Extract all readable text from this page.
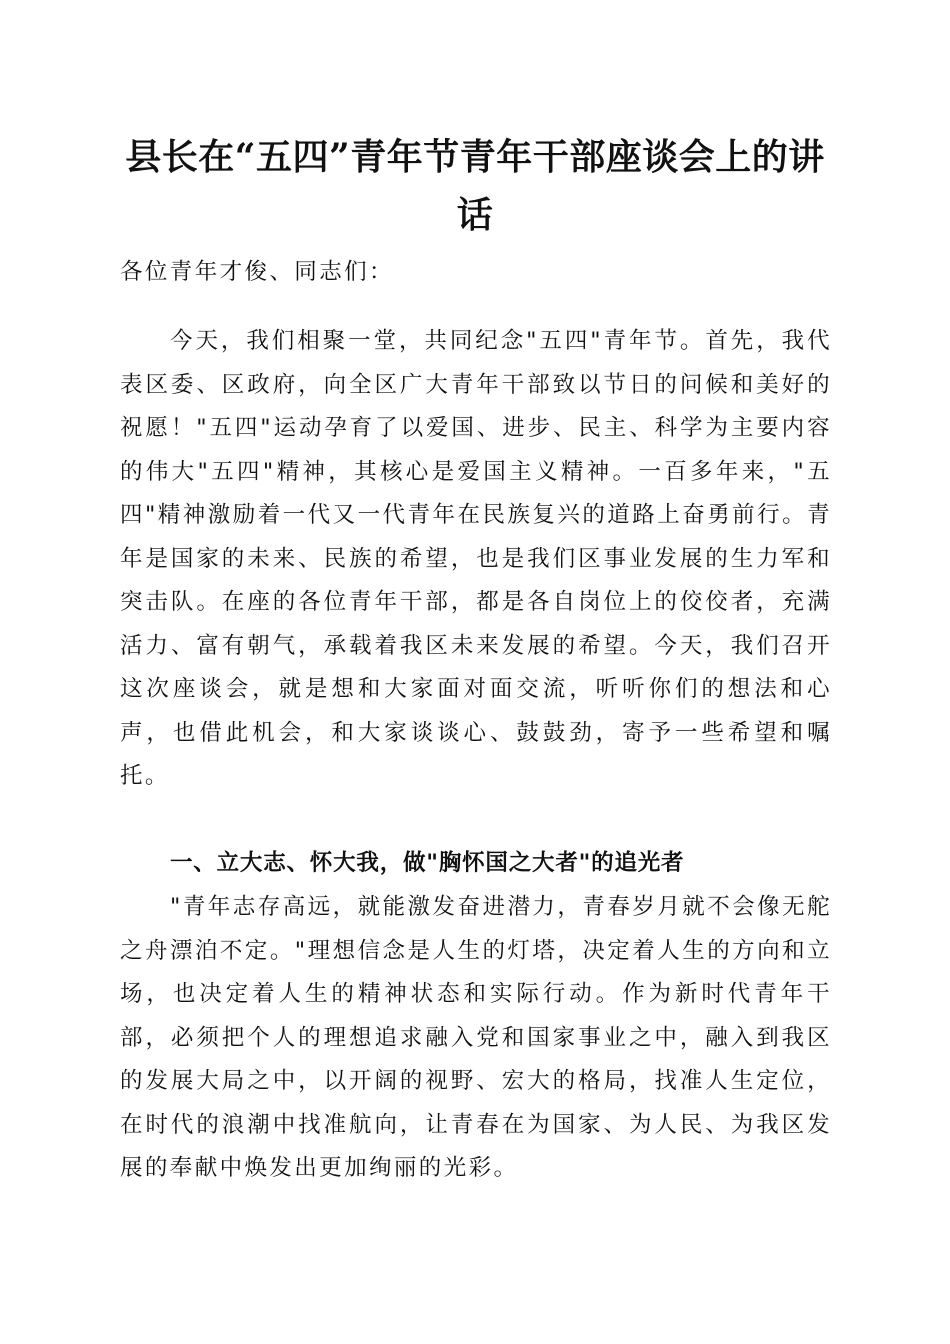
县长在“五四”青年节青年干部座谈会上的讲话

各位青年才俊、同志们：

今天，我们相聚一堂，共同纪念"五四"青年节。首先，我代表区委、区政府，向全区广大青年干部致以节日的问候和美好的祝愿！"五四"运动孕育了以爱国、进步、民主、科学为主要内容的伟大"五四"精神，其核心是爱国主义精神。一百多年来，"五四"精神激励着一代又一代青年在民族复兴的道路上奋勇前行。青年是国家的未来、民族的希望，也是我们区事业发展的生力军和突击队。在座的各位青年干部，都是各自岗位上的佼佼者，充满活力、富有朝气，承载着我区未来发展的希望。今天，我们召开这次座谈会，就是想和大家面对面交流，听听你们的想法和心声，也借此机会，和大家谈谈心、鼓鼓劲，寄予一些希望和嘱托。

一、立大志、怀大我，做"胸怀国之大者"的追光者

"青年志存高远，就能激发奋进潜力，青春岁月就不会像无舵之舟漂泊不定。"理想信念是人生的灯塔，决定着人生的方向和立场，也决定着人生的精神状态和实际行动。作为新时代青年干部，必须把个人的理想追求融入党和国家事业之中，融入到我区的发展大局之中，以开阔的视野、宏大的格局，找准人生定位，在时代的浪潮中找准航向，让青春在为国家、为人民、为我区发展的奉献中焕发出更加绚丽的光彩。
